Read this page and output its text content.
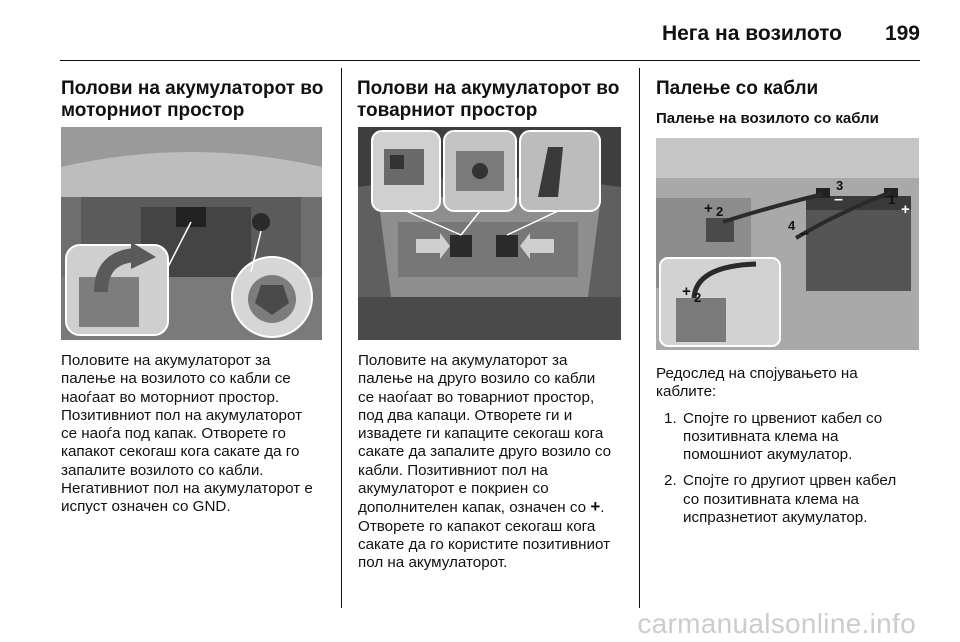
Нега на возилото 199
Полови на акумулаторот во
моторниот простор

Половите на акумулаторот за

палење на возилото со кабли се

наоѓаат во моторниот простор.

Позитивниот пол на акумулаторот

се наоѓа под капак. Отворете го

капакот секогаш кога сакате да го

запалите возилото со кабли.

Негативниот пол на акумулаторот е

испуст означен со GND.

Полови на акумулаторот во
товарниот простор

Половите на акумулаторот за

палење на друго возило со кабли

се наоѓаат во товарниот простор,

под два капаци. Отворете ги и

извадете ги капаците секогаш кога

сакате да запалите друго возило со

кабли. Позитивниот пол на

акумулаторот е покриен со

дополнителен капак, означен со +.

Отворете го капакот секогаш кога

сакате да го користите позитивниот

пол на акумулаторот.

Палење со кабли
Палење на возилото со кабли
2
+
1
+
3
–
4 –
+ 2

Редослед на спојувањето на

каблите:

1. Спојте го црвениот кабел со
позитивната клема на
помошниот акумулатор.
2. Спојте го другиот црвен кабел
со позитивната клема на
испразнетиот акумулатор.
carmanualsonline.info
